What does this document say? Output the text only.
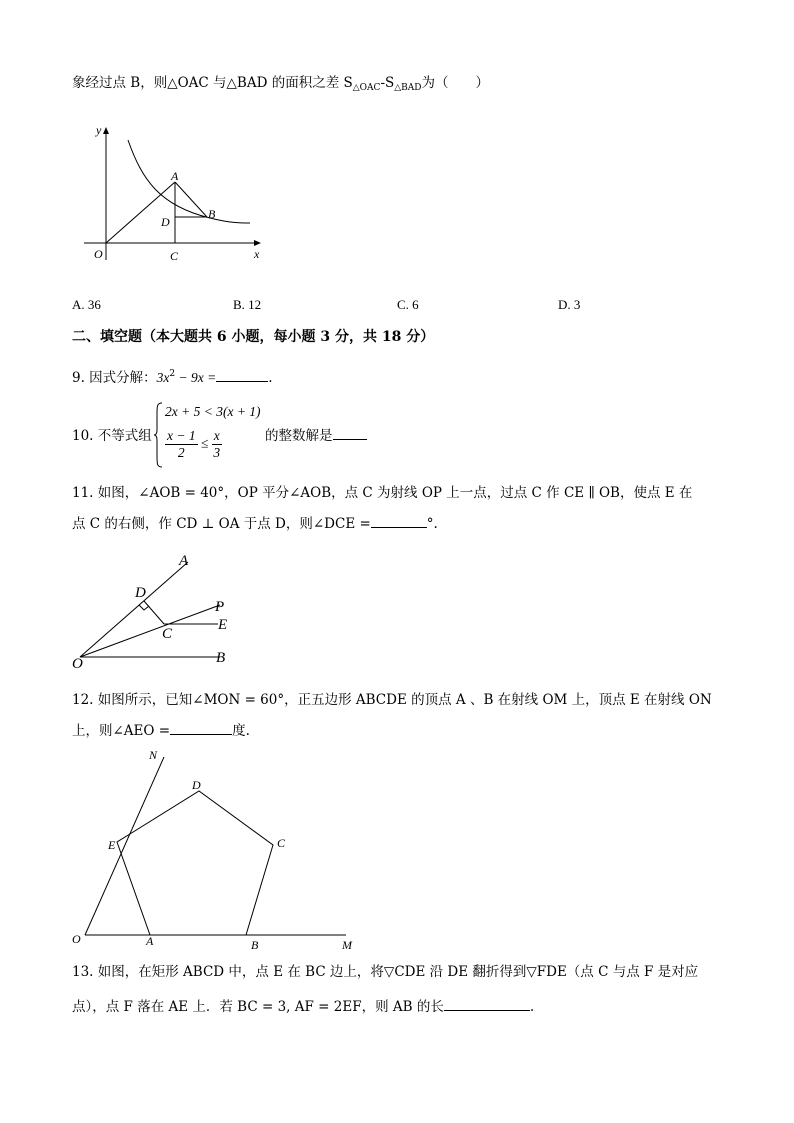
象经过点 B，则△OAC 与△BAD 的面积之差 $S_{\triangle OAC}-S_{\triangle BAD}$为（　　）
y
x
O
A
B
D
C
A. 36	B. 12	C. 6	D. 3
二、填空题（本大题共 6 小题，每小题 3 分，共 18 分）
9. 因式分解：$3x^2 - 9x$ =	.
10. 不等式组
2x + 5 < 3(x + 1)
$\frac{x - 1}{2} \le \frac{x}{3}$	的整数解是
11. 如图，∠AOB = 40°，OP 平分∠AOB，点 C 为射线 OP 上一点，过点 C 作 CE ∥ OB，使点 E 在
点 C 的右侧，作 CD ⊥ OA 于点 D，则∠DCE =	°.
A
D
P
C
E
O	B
12. 如图所示，已知∠MON = 60°，正五边形 ABCDE 的顶点 A 、B 在射线 OM 上，顶点 E 在射线 ON
上，则∠AEO =	度.
N
D
E	C
O	A	B	M
13. 如图，在矩形 ABCD 中，点 E 在 BC 边上，将▽CDE 沿 DE 翻折得到▽FDE（点 C 与点 F 是对应
点），点 F 落在 AE 上．若 BC = 3, AF = 2EF，则 AB 的长	.
